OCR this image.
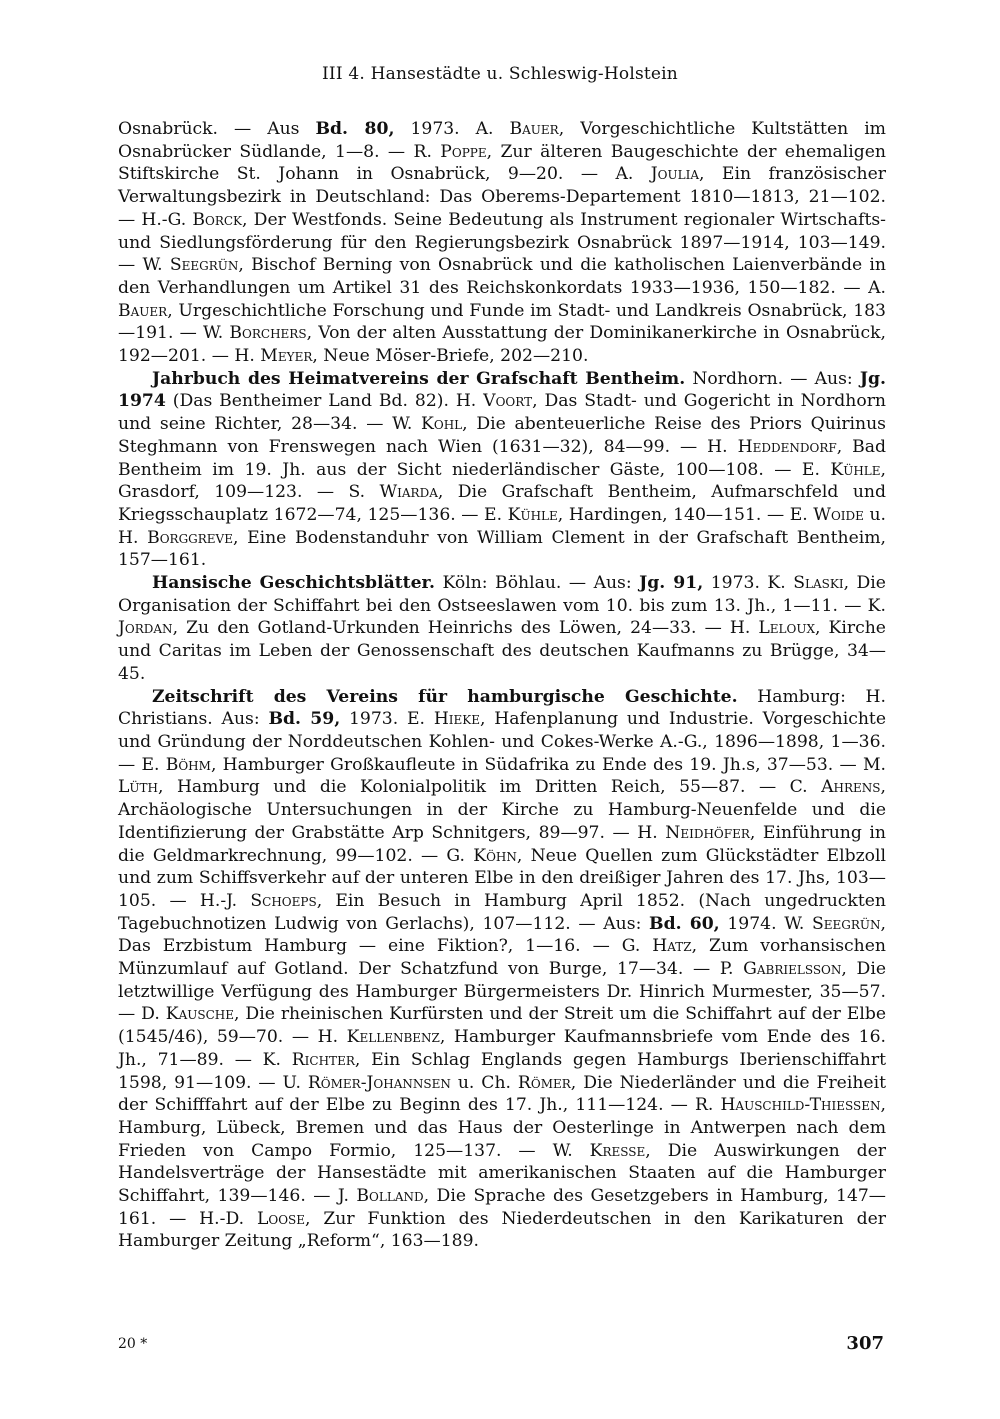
III 4. Hansestädte u. Schleswig-Holstein

Osnabrück. — Aus Bd. 80, 1973. A. Bauer, Vorgeschichtliche Kultstätten im Osnabrücker Südlande, 1—8. — R. Poppe, Zur älteren Baugeschichte der ehemaligen Stiftskirche St. Johann in Osnabrück, 9—20. — A. Joulia, Ein französischer Verwaltungsbezirk in Deutschland: Das Oberems-Departement 1810—1813, 21—102. — H.-G. Borck, Der Westfonds. Seine Bedeutung als Instrument regionaler Wirtschafts- und Siedlungsförderung für den Regierungsbezirk Osnabrück 1897—1914, 103—149. — W. Seegrün, Bischof Berning von Osnabrück und die katholischen Laienverbände in den Verhandlungen um Artikel 31 des Reichskonkordats 1933—1936, 150—182. — A. Bauer, Urgeschichtliche Forschung und Funde im Stadt- und Landkreis Osnabrück, 183—191. — W. Borchers, Von der alten Ausstattung der Dominikanerkirche in Osnabrück, 192—201. — H. Meyer, Neue Möser-Briefe, 202—210.

Jahrbuch des Heimatvereins der Grafschaft Bentheim. Nordhorn. — Aus: Jg. 1974 (Das Bentheimer Land Bd. 82). H. Voort, Das Stadt- und Gogericht in Nordhorn und seine Richter, 28—34. — W. Kohl, Die abenteuerliche Reise des Priors Quirinus Steghmann von Frenswegen nach Wien (1631—32), 84—99. — H. Heddendorf, Bad Bentheim im 19. Jh. aus der Sicht niederländischer Gäste, 100—108. — E. Kühle, Grasdorf, 109—123. — S. Wiarda, Die Grafschaft Bentheim, Aufmarschfeld und Kriegsschauplatz 1672—74, 125—136. — E. Kühle, Hardingen, 140—151. — E. Woide u. H. Borggreve, Eine Bodenstanduhr von William Clement in der Grafschaft Bentheim, 157—161.

Hansische Geschichtsblätter. Köln: Böhlau. — Aus: Jg. 91, 1973. K. Slaski, Die Organisation der Schiffahrt bei den Ostseeslawen vom 10. bis zum 13. Jh., 1—11. — K. Jordan, Zu den Gotland-Urkunden Heinrichs des Löwen, 24—33. — H. Leloux, Kirche und Caritas im Leben der Genossenschaft des deutschen Kaufmanns zu Brügge, 34—45.

Zeitschrift des Vereins für hamburgische Geschichte. Hamburg: H. Christians. Aus: Bd. 59, 1973. E. Hieke, Hafenplanung und Industrie. Vorgeschichte und Gründung der Norddeutschen Kohlen- und Cokes-Werke A.-G., 1896—1898, 1—36. — E. Böhm, Hamburger Großkaufleute in Südafrika zu Ende des 19. Jh.s, 37—53. — M. Lüth, Hamburg und die Kolonialpolitik im Dritten Reich, 55—87. — C. Ahrens, Archäologische Untersuchungen in der Kirche zu Hamburg-Neuenfelde und die Identifizierung der Grabstätte Arp Schnitgers, 89—97. — H. Neidhöfer, Einführung in die Geldmarkrechnung, 99—102. — G. Köhn, Neue Quellen zum Glückstädter Elbzoll und zum Schiffsverkehr auf der unteren Elbe in den dreißiger Jahren des 17. Jhs, 103—105. — H.-J. Schoeps, Ein Besuch in Hamburg April 1852. (Nach ungedruckten Tagebuchnotizen Ludwig von Gerlachs), 107—112. — Aus: Bd. 60, 1974. W. Seegrün, Das Erzbistum Hamburg — eine Fiktion?, 1—16. — G. Hatz, Zum vorhansischen Münzumlauf auf Gotland. Der Schatzfund von Burge, 17—34. — P. Gabrielsson, Die letztwillige Verfügung des Hamburger Bürgermeisters Dr. Hinrich Murmester, 35—57. — D. Kausche, Die rheinischen Kurfürsten und der Streit um die Schiffahrt auf der Elbe (1545/46), 59—70. — H. Kellenbenz, Hamburger Kaufmannsbriefe vom Ende des 16. Jh., 71—89. — K. Richter, Ein Schlag Englands gegen Hamburgs Iberienschiffahrt 1598, 91—109. — U. Römer-Johannsen u. Ch. Römer, Die Niederländer und die Freiheit der Schifffahrt auf der Elbe zu Beginn des 17. Jh., 111—124. — R. Hauschild-Thiessen, Hamburg, Lübeck, Bremen und das Haus der Oesterlinge in Antwerpen nach dem Frieden von Campo Formio, 125—137. — W. Kresse, Die Auswirkungen der Handelsverträge der Hansestädte mit amerikanischen Staaten auf die Hamburger Schiffahrt, 139—146. — J. Bolland, Die Sprache des Gesetzgebers in Hamburg, 147—161. — H.-D. Loose, Zur Funktion des Niederdeutschen in den Karikaturen der Hamburger Zeitung „Reform“, 163—189.

20 *	307
